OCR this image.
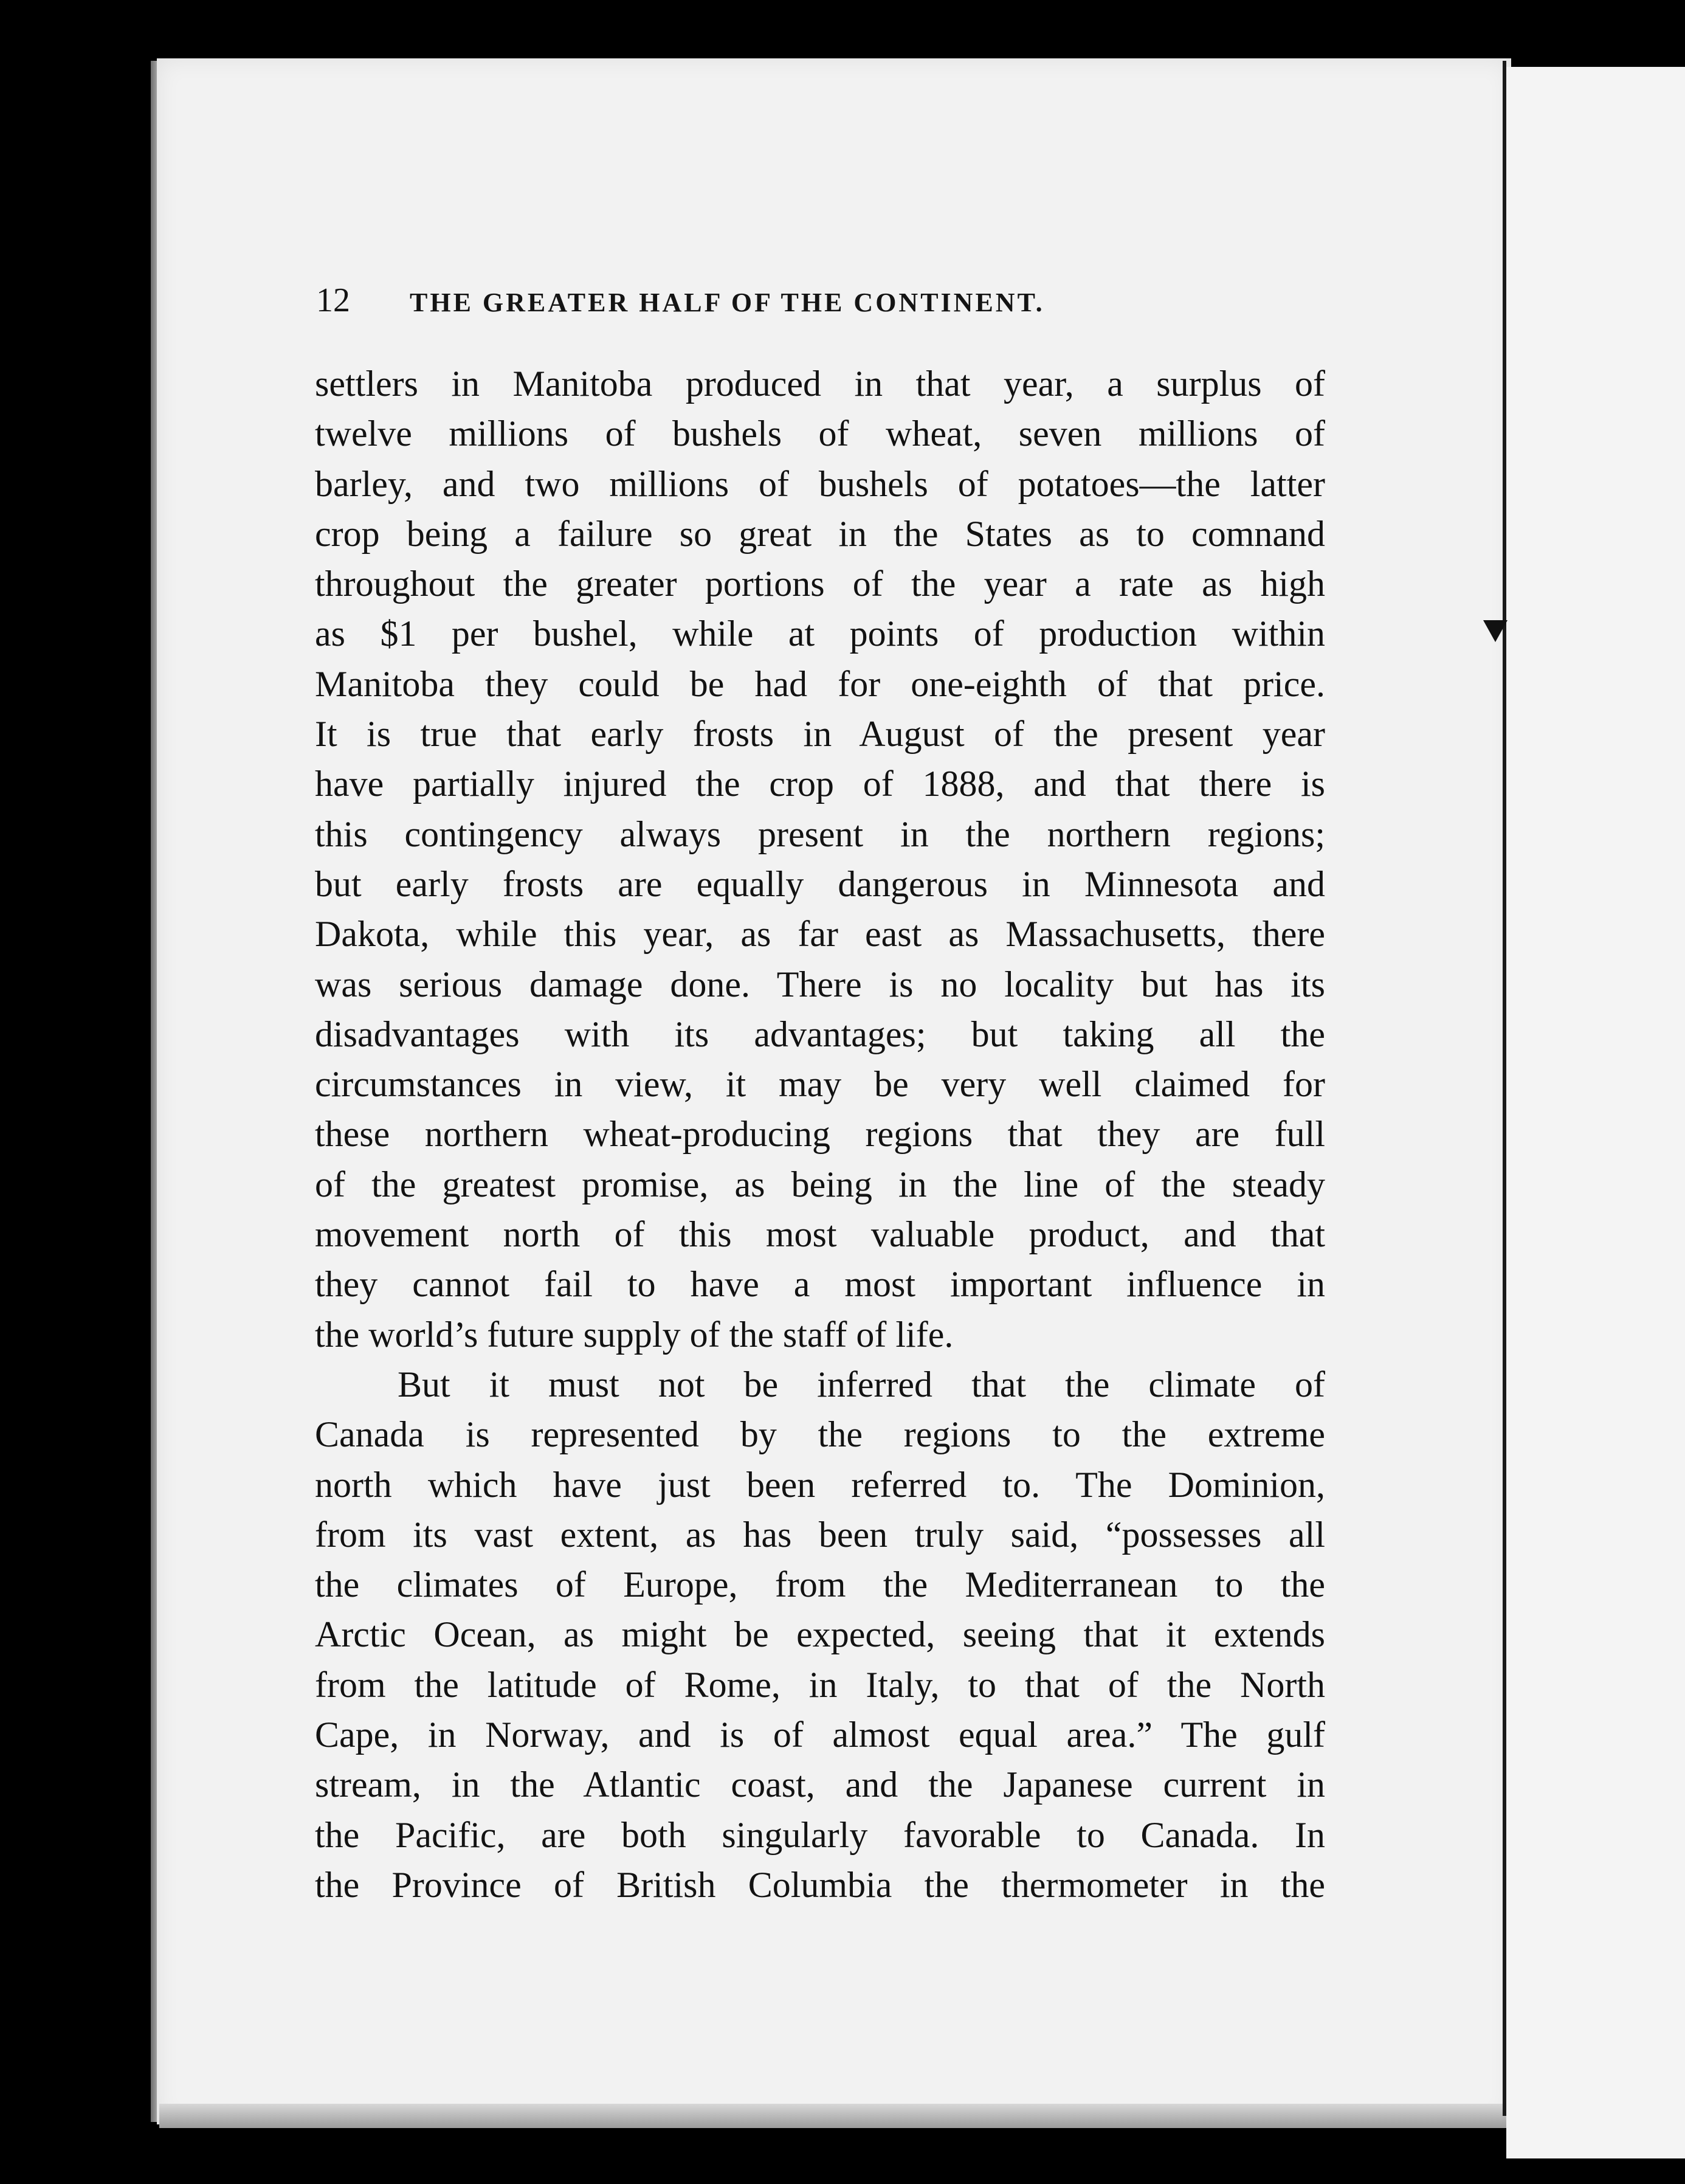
12 THE GREATER HALF OF THE CONTINENT.
settlers in Manitoba produced in that year, a surplus of
twelve millions of bushels of wheat, seven millions of
barley, and two millions of bushels of potatoes—the latter
crop being a failure so great in the States as to comnand
throughout the greater portions of the year a rate as high
as $1 per bushel, while at points of production within
Manitoba they could be had for one-eighth of that price.
It is true that early frosts in August of the present year
have partially injured the crop of 1888, and that there is
this contingency always present in the northern regions;
but early frosts are equally dangerous in Minnesota and
Dakota, while this year, as far east as Massachusetts, there
was serious damage done. There is no locality but has its
disadvantages with its advantages; but taking all the
circumstances in view, it may be very well claimed for
these northern wheat-producing regions that they are full
of the greatest promise, as being in the line of the steady
movement north of this most valuable product, and that
they cannot fail to have a most important influence in
the world’s future supply of the staff of life.
But it must not be inferred that the climate of
Canada is represented by the regions to the extreme
north which have just been referred to. The Dominion,
from its vast extent, as has been truly said, “possesses all
the climates of Europe, from the Mediterranean to the
Arctic Ocean, as might be expected, seeing that it extends
from the latitude of Rome, in Italy, to that of the North
Cape, in Norway, and is of almost equal area.” The gulf
stream, in the Atlantic coast, and the Japanese current in
the Pacific, are both singularly favorable to Canada. In
the Province of British Columbia the thermometer in the
